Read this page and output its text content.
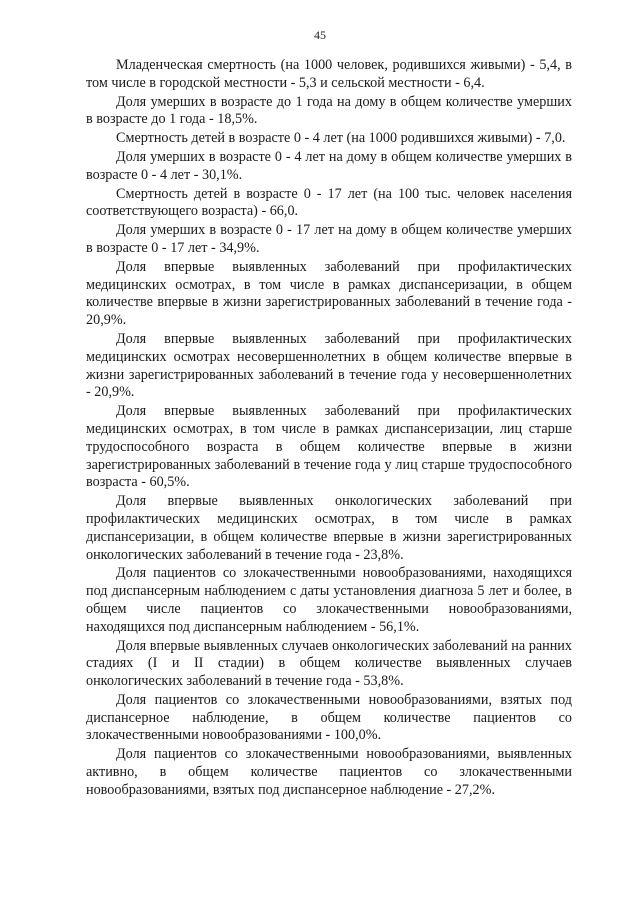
45

Младенческая смертность (на 1000 человек, родившихся живыми) - 5,4, в том числе в городской местности - 5,3 и сельской местности - 6,4.

Доля умерших в возрасте до 1 года на дому в общем количестве умерших в возрасте до 1 года - 18,5%.

Смертность детей в возрасте 0 - 4 лет (на 1000 родившихся живыми) - 7,0.

Доля умерших в возрасте 0 - 4 лет на дому в общем количестве умерших в возрасте 0 - 4 лет - 30,1%.

Смертность детей в возрасте 0 - 17 лет (на 100 тыс. человек населения соответствующего возраста) - 66,0.

Доля умерших в возрасте 0 - 17 лет на дому в общем количестве умерших в возрасте 0 - 17 лет - 34,9%.

Доля впервые выявленных заболеваний при профилактических медицинских осмотрах, в том числе в рамках диспансеризации, в общем количестве впервые в жизни зарегистрированных заболеваний в течение года - 20,9%.

Доля впервые выявленных заболеваний при профилактических медицинских осмотрах несовершеннолетних в общем количестве впервые в жизни зарегистрированных заболеваний в течение года у несовершеннолетних - 20,9%.

Доля впервые выявленных заболеваний при профилактических медицинских осмотрах, в том числе в рамках диспансеризации, лиц старше трудоспособного возраста в общем количестве впервые в жизни зарегистрированных заболеваний в течение года у лиц старше трудоспособного возраста - 60,5%.

Доля впервые выявленных онкологических заболеваний при профилактических медицинских осмотрах, в том числе в рамках диспансеризации, в общем количестве впервые в жизни зарегистрированных онкологических заболеваний в течение года - 23,8%.

Доля пациентов со злокачественными новообразованиями, находящихся под диспансерным наблюдением с даты установления диагноза 5 лет и более, в общем числе пациентов со злокачественными новообразованиями, находящихся под диспансерным наблюдением - 56,1%.

Доля впервые выявленных случаев онкологических заболеваний на ранних стадиях (I и II стадии) в общем количестве выявленных случаев онкологических заболеваний в течение года - 53,8%.

Доля пациентов со злокачественными новообразованиями, взятых под диспансерное наблюдение, в общем количестве пациентов со злокачественными новообразованиями - 100,0%.

Доля пациентов со злокачественными новообразованиями, выявленных активно, в общем количестве пациентов со злокачественными новообразованиями, взятых под диспансерное наблюдение - 27,2%.
